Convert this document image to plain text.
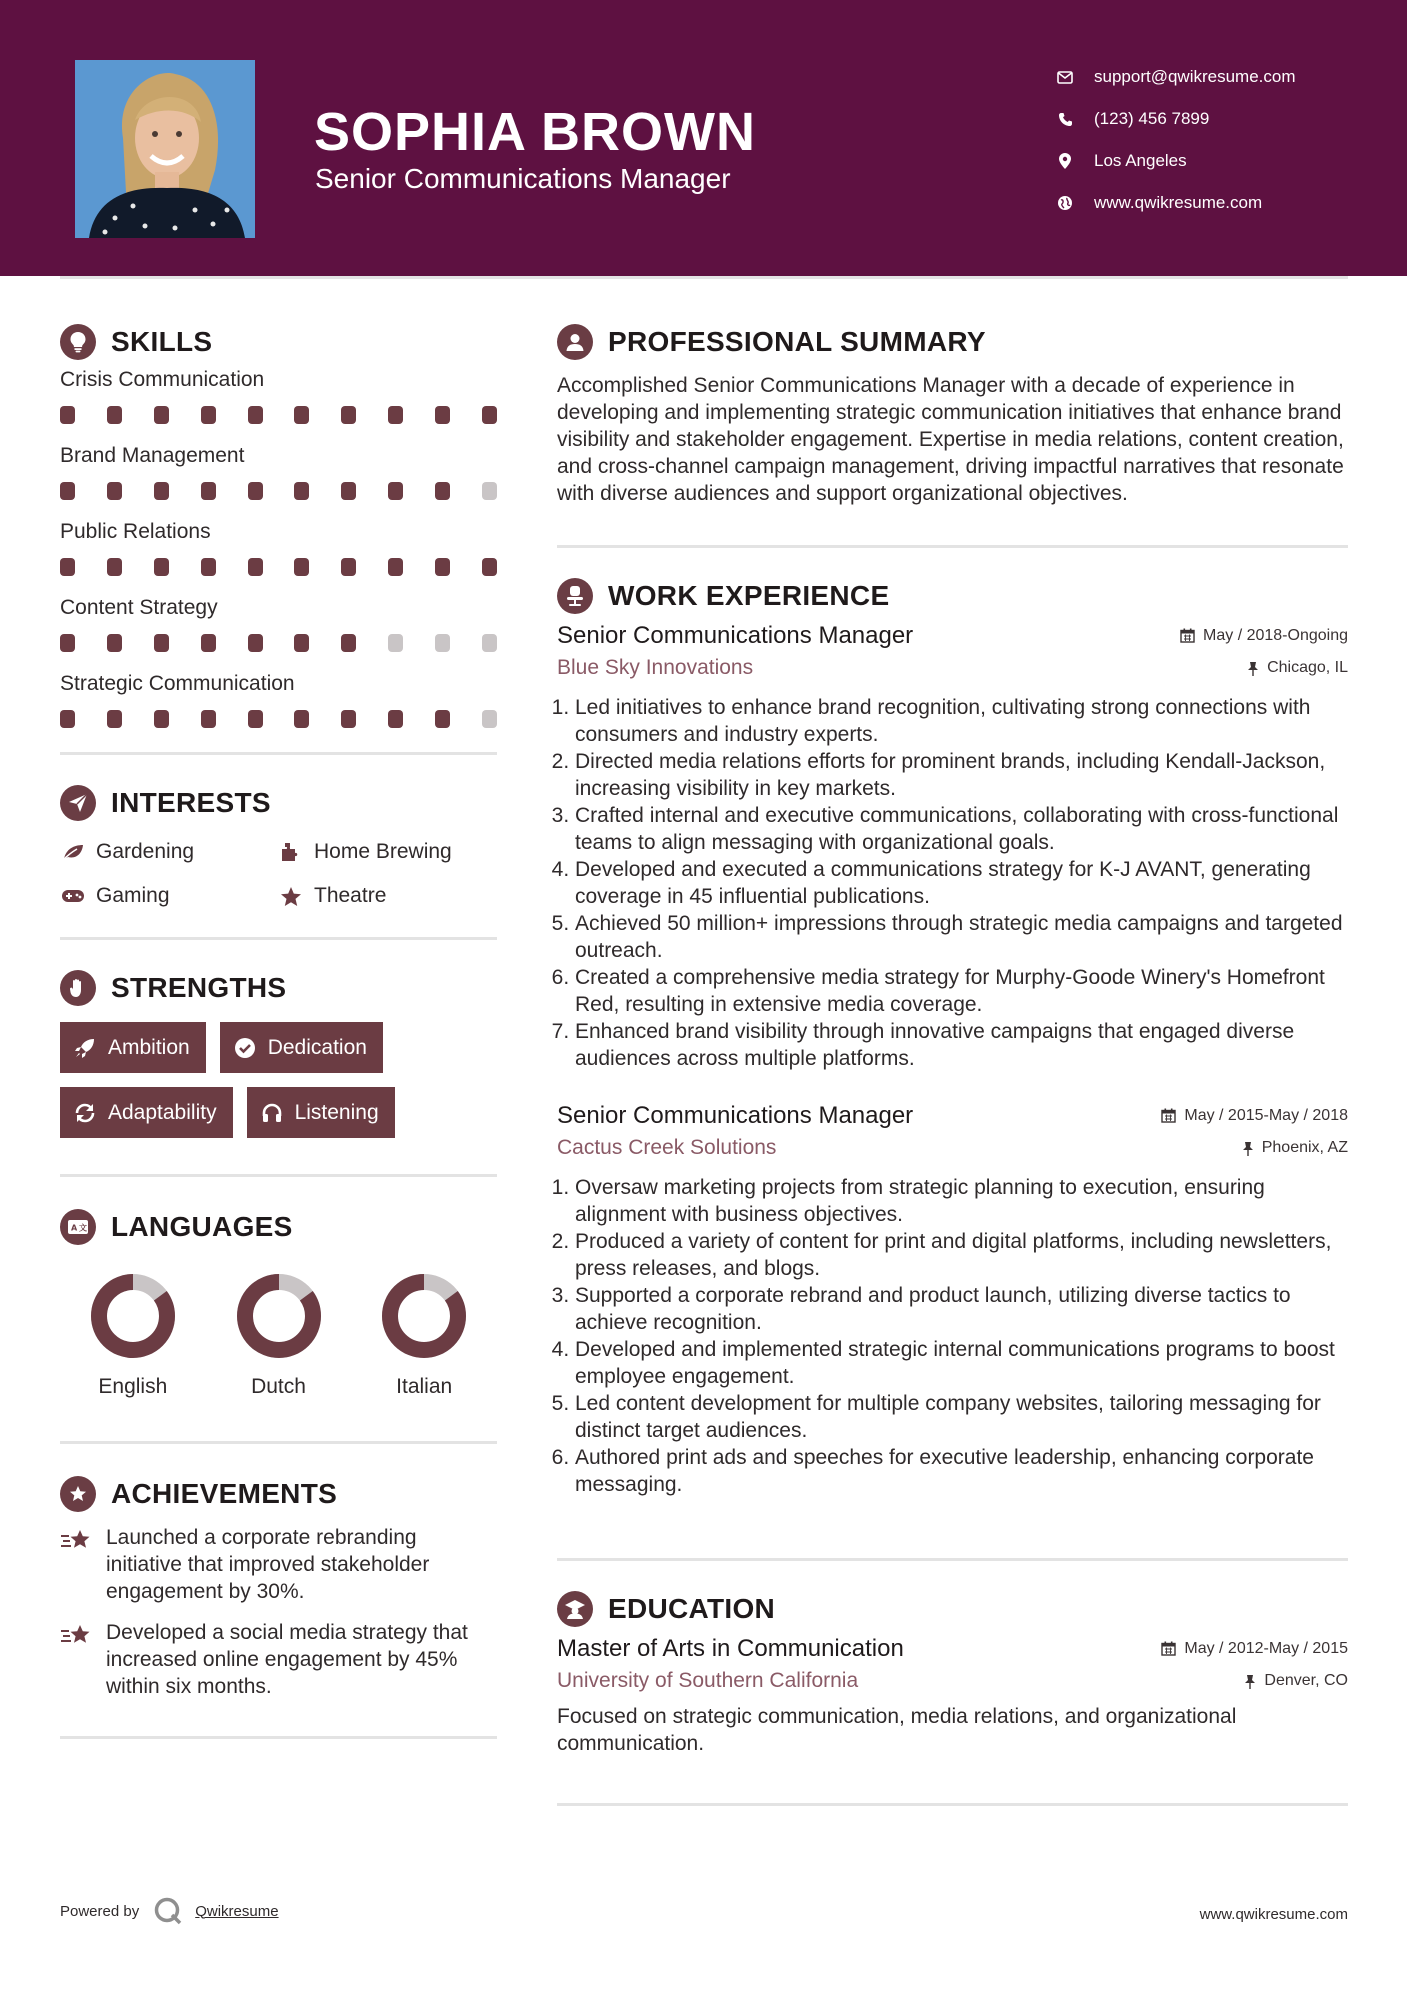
SOPHIA BROWN
Senior Communications Manager
support@qwikresume.com
(123) 456 7899
Los Angeles
www.qwikresume.com
SKILLS
Crisis Communication
Brand Management
Public Relations
Content Strategy
Strategic Communication
INTERESTS
Gardening	Home Brewing
Gaming	Theatre
STRENGTHS
Ambition	Dedication
Adaptability	Listening
A 文 LANGUAGES
English	Dutch	Italian
ACHIEVEMENTS
Launched a corporate rebranding initiative that improved stakeholder engagement by 30%.
Developed a social media strategy that increased online engagement by 45% within six months.
PROFESSIONAL SUMMARY
Accomplished Senior Communications Manager with a decade of experience in developing and implementing strategic communication initiatives that enhance brand visibility and stakeholder engagement. Expertise in media relations, content creation, and cross-channel campaign management, driving impactful narratives that resonate with diverse audiences and support organizational objectives.
WORK EXPERIENCE
Senior Communications Manager	May / 2018-Ongoing
Blue Sky Innovations	Chicago, IL
1. Led initiatives to enhance brand recognition, cultivating strong connections with consumers and industry experts.
2. Directed media relations efforts for prominent brands, including Kendall-Jackson, increasing visibility in key markets.
3. Crafted internal and executive communications, collaborating with cross-functional teams to align messaging with organizational goals.
4. Developed and executed a communications strategy for K-J AVANT, generating coverage in 45 influential publications.
5. Achieved 50 million+ impressions through strategic media campaigns and targeted outreach.
6. Created a comprehensive media strategy for Murphy-Goode Winery's Homefront Red, resulting in extensive media coverage.
7. Enhanced brand visibility through innovative campaigns that engaged diverse audiences across multiple platforms.
Senior Communications Manager	May / 2015-May / 2018
Cactus Creek Solutions	Phoenix, AZ
1. Oversaw marketing projects from strategic planning to execution, ensuring alignment with business objectives.
2. Produced a variety of content for print and digital platforms, including newsletters, press releases, and blogs.
3. Supported a corporate rebrand and product launch, utilizing diverse tactics to achieve recognition.
4. Developed and implemented strategic internal communications programs to boost employee engagement.
5. Led content development for multiple company websites, tailoring messaging for distinct target audiences.
6. Authored print ads and speeches for executive leadership, enhancing corporate messaging.
EDUCATION
Master of Arts in Communication	May / 2012-May / 2015
University of Southern California	Denver, CO
Focused on strategic communication, media relations, and organizational communication.
Powered by	Qwikresume	www.qwikresume.com
